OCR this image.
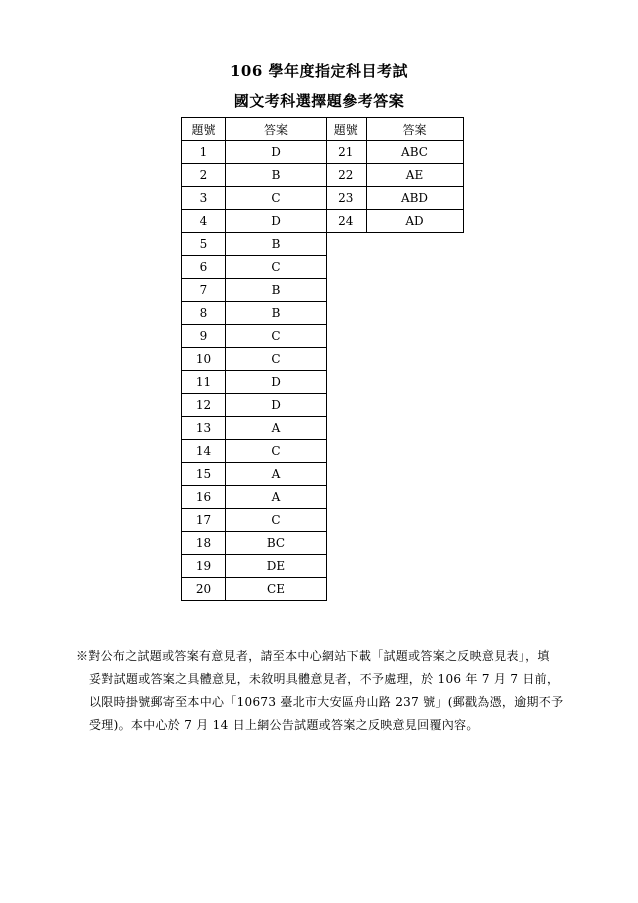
106 學年度指定科目考試
國文考科選擇題參考答案
題號	答案
1	D
2	B
3	C
4	D
5	B
6	C
7	B
8	B
9	C
10	C
11	D
12	D
13	A
14	C
15	A
16	A
17	C
18	BC
19	DE
20	CE
題號	答案
21	ABC
22	AE
23	ABD
24	AD
※對公布之試題或答案有意見者，請至本中心網站下載「試題或答案之反映意見表」，填
妥對試題或答案之具體意見，未敘明具體意見者，不予處理，於 106 年 7 月 7 日前，
以限時掛號郵寄至本中心「10673 臺北市大安區舟山路 237 號」(郵戳為憑，逾期不予
受理)。本中心於 7 月 14 日上網公告試題或答案之反映意見回覆內容。
